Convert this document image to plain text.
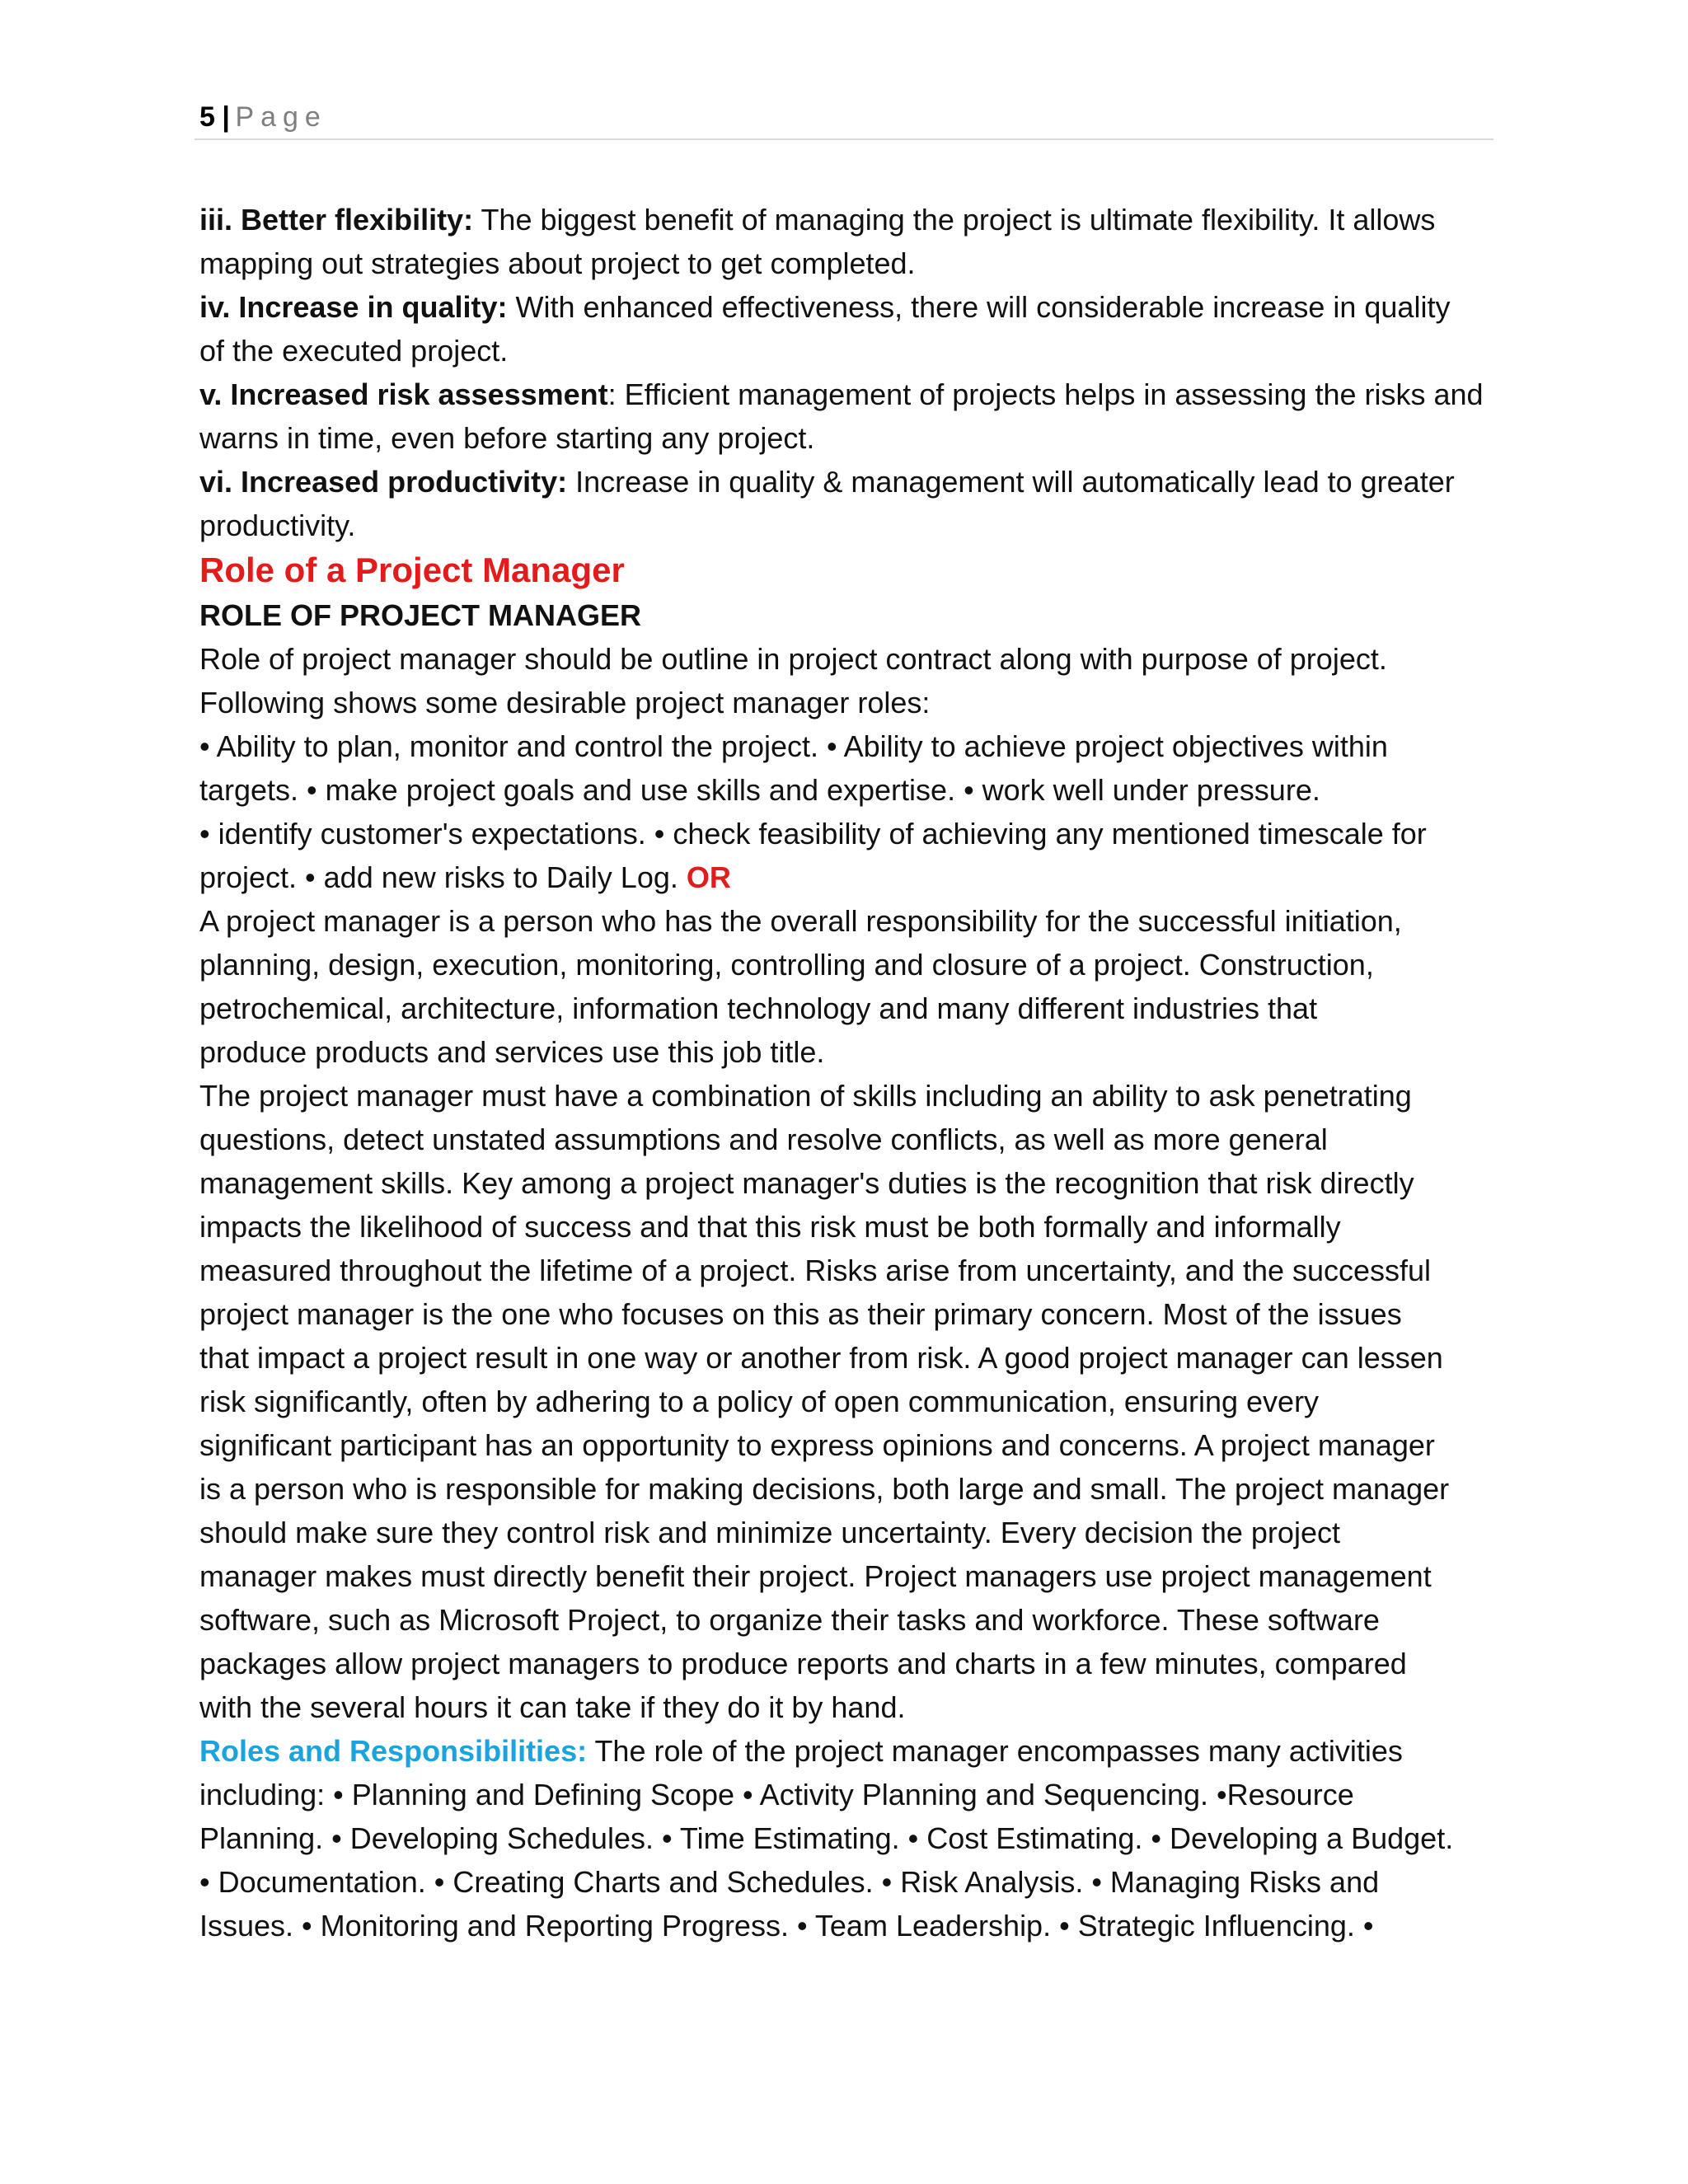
5 | Page
iii. Better flexibility: The biggest benefit of managing the project is ultimate flexibility. It allows
mapping out strategies about project to get completed.
iv. Increase in quality: With enhanced effectiveness, there will considerable increase in quality
of the executed project.
v. Increased risk assessment: Efficient management of projects helps in assessing the risks and
warns in time, even before starting any project.
vi. Increased productivity: Increase in quality & management will automatically lead to greater
productivity.
Role of a Project Manager
ROLE OF PROJECT MANAGER
Role of project manager should be outline in project contract along with purpose of project.
Following shows some desirable project manager roles:
• Ability to plan, monitor and control the project. • Ability to achieve project objectives within
targets. • make project goals and use skills and expertise. • work well under pressure.
• identify customer's expectations. • check feasibility of achieving any mentioned timescale for
project. • add new risks to Daily Log. OR
A project manager is a person who has the overall responsibility for the successful initiation,
planning, design, execution, monitoring, controlling and closure of a project. Construction,
petrochemical, architecture, information technology and many different industries that
produce products and services use this job title.
The project manager must have a combination of skills including an ability to ask penetrating
questions, detect unstated assumptions and resolve conflicts, as well as more general
management skills. Key among a project manager's duties is the recognition that risk directly
impacts the likelihood of success and that this risk must be both formally and informally
measured throughout the lifetime of a project. Risks arise from uncertainty, and the successful
project manager is the one who focuses on this as their primary concern. Most of the issues
that impact a project result in one way or another from risk. A good project manager can lessen
risk significantly, often by adhering to a policy of open communication, ensuring every
significant participant has an opportunity to express opinions and concerns. A project manager
is a person who is responsible for making decisions, both large and small. The project manager
should make sure they control risk and minimize uncertainty. Every decision the project
manager makes must directly benefit their project. Project managers use project management
software, such as Microsoft Project, to organize their tasks and workforce. These software
packages allow project managers to produce reports and charts in a few minutes, compared
with the several hours it can take if they do it by hand.
Roles and Responsibilities: The role of the project manager encompasses many activities
including: • Planning and Defining Scope • Activity Planning and Sequencing. •Resource
Planning. • Developing Schedules. • Time Estimating. • Cost Estimating. • Developing a Budget.
• Documentation. • Creating Charts and Schedules. • Risk Analysis. • Managing Risks and
Issues. • Monitoring and Reporting Progress. • Team Leadership. • Strategic Influencing. •
